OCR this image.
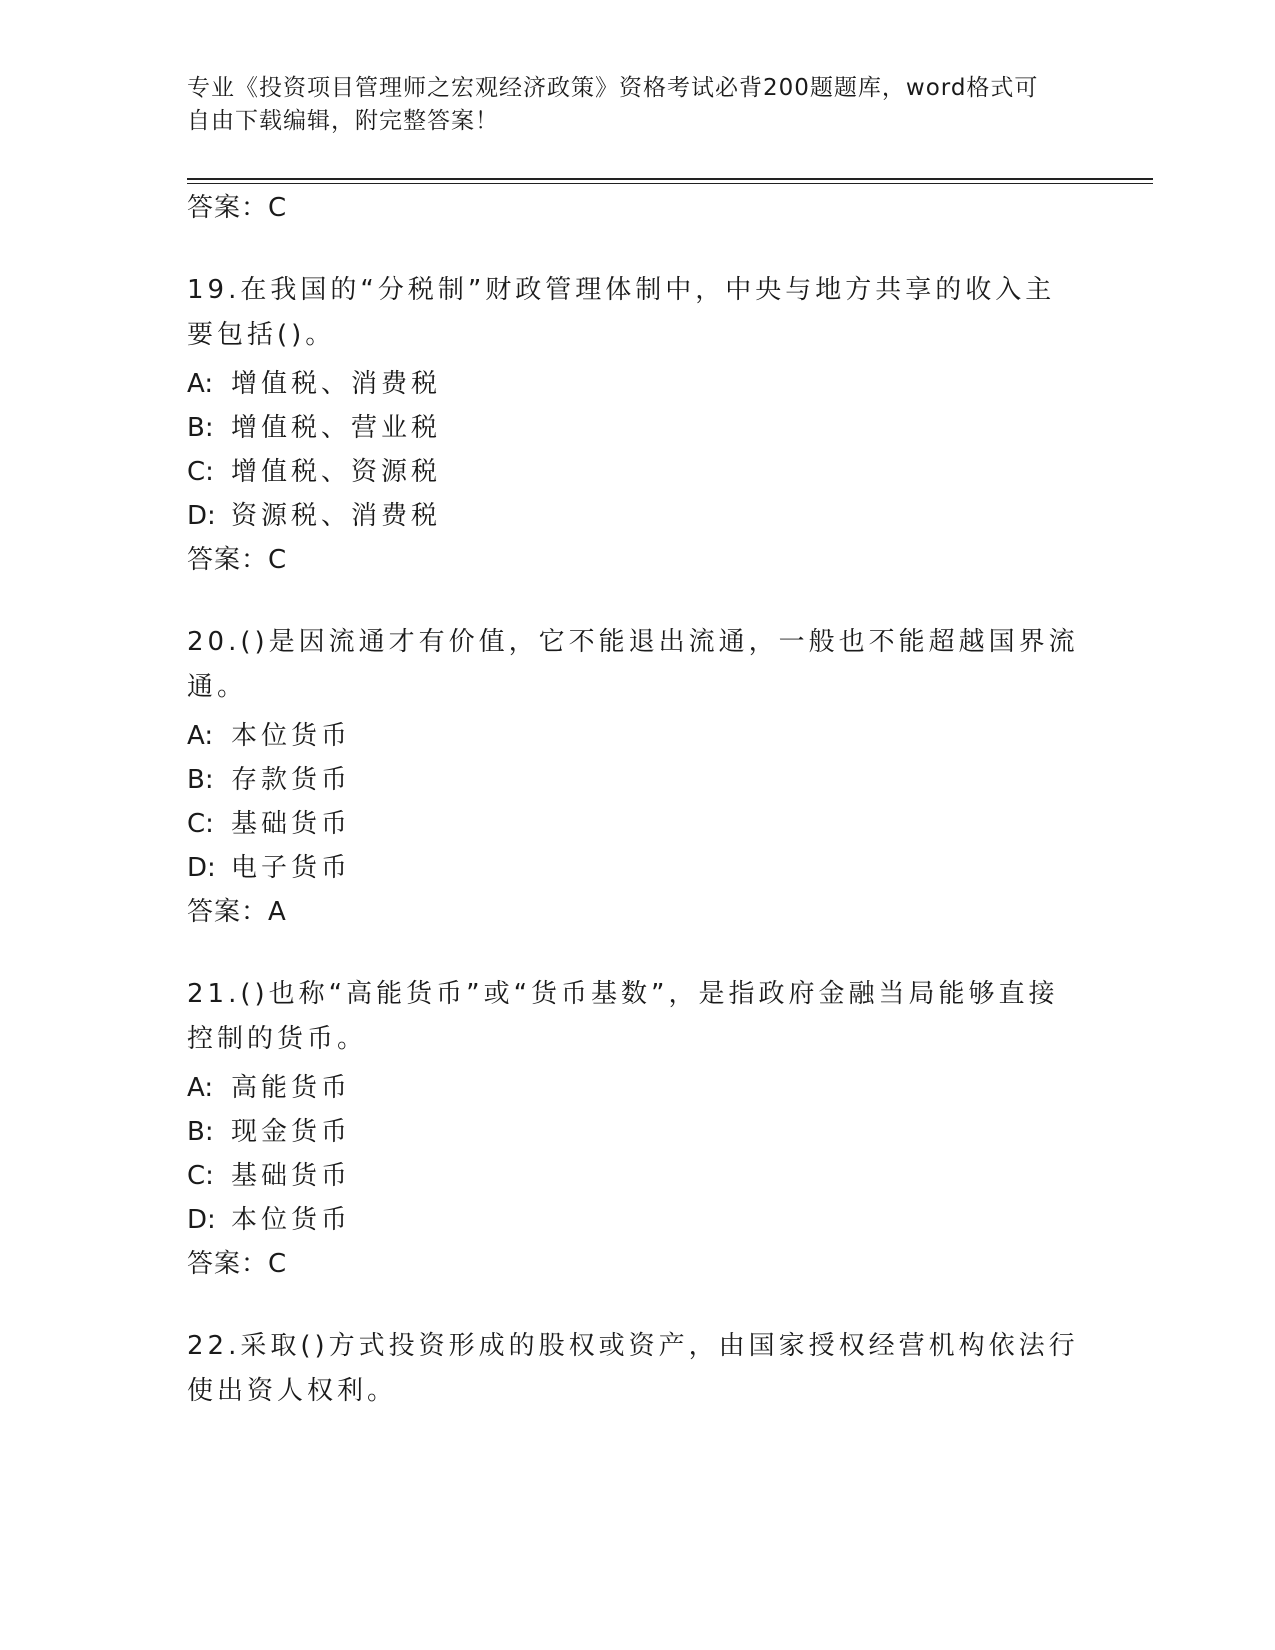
专业《投资项目管理师之宏观经济政策》资格考试必背200题题库，word格式可
自由下载编辑，附完整答案！
答案：C
19.在我国的“分税制”财政管理体制中，中央与地方共享的收入主要包括()。
A: 增值税、消费税
B: 增值税、营业税
C: 增值税、资源税
D: 资源税、消费税
答案：C
20.()是因流通才有价值，它不能退出流通，一般也不能超越国界流通。
A: 本位货币
B: 存款货币
C: 基础货币
D: 电子货币
答案：A
21.()也称“高能货币”或“货币基数”，是指政府金融当局能够直接控制的货币。
A: 高能货币
B: 现金货币
C: 基础货币
D: 本位货币
答案：C
22.采取()方式投资形成的股权或资产，由国家授权经营机构依法行使出资人权利。
